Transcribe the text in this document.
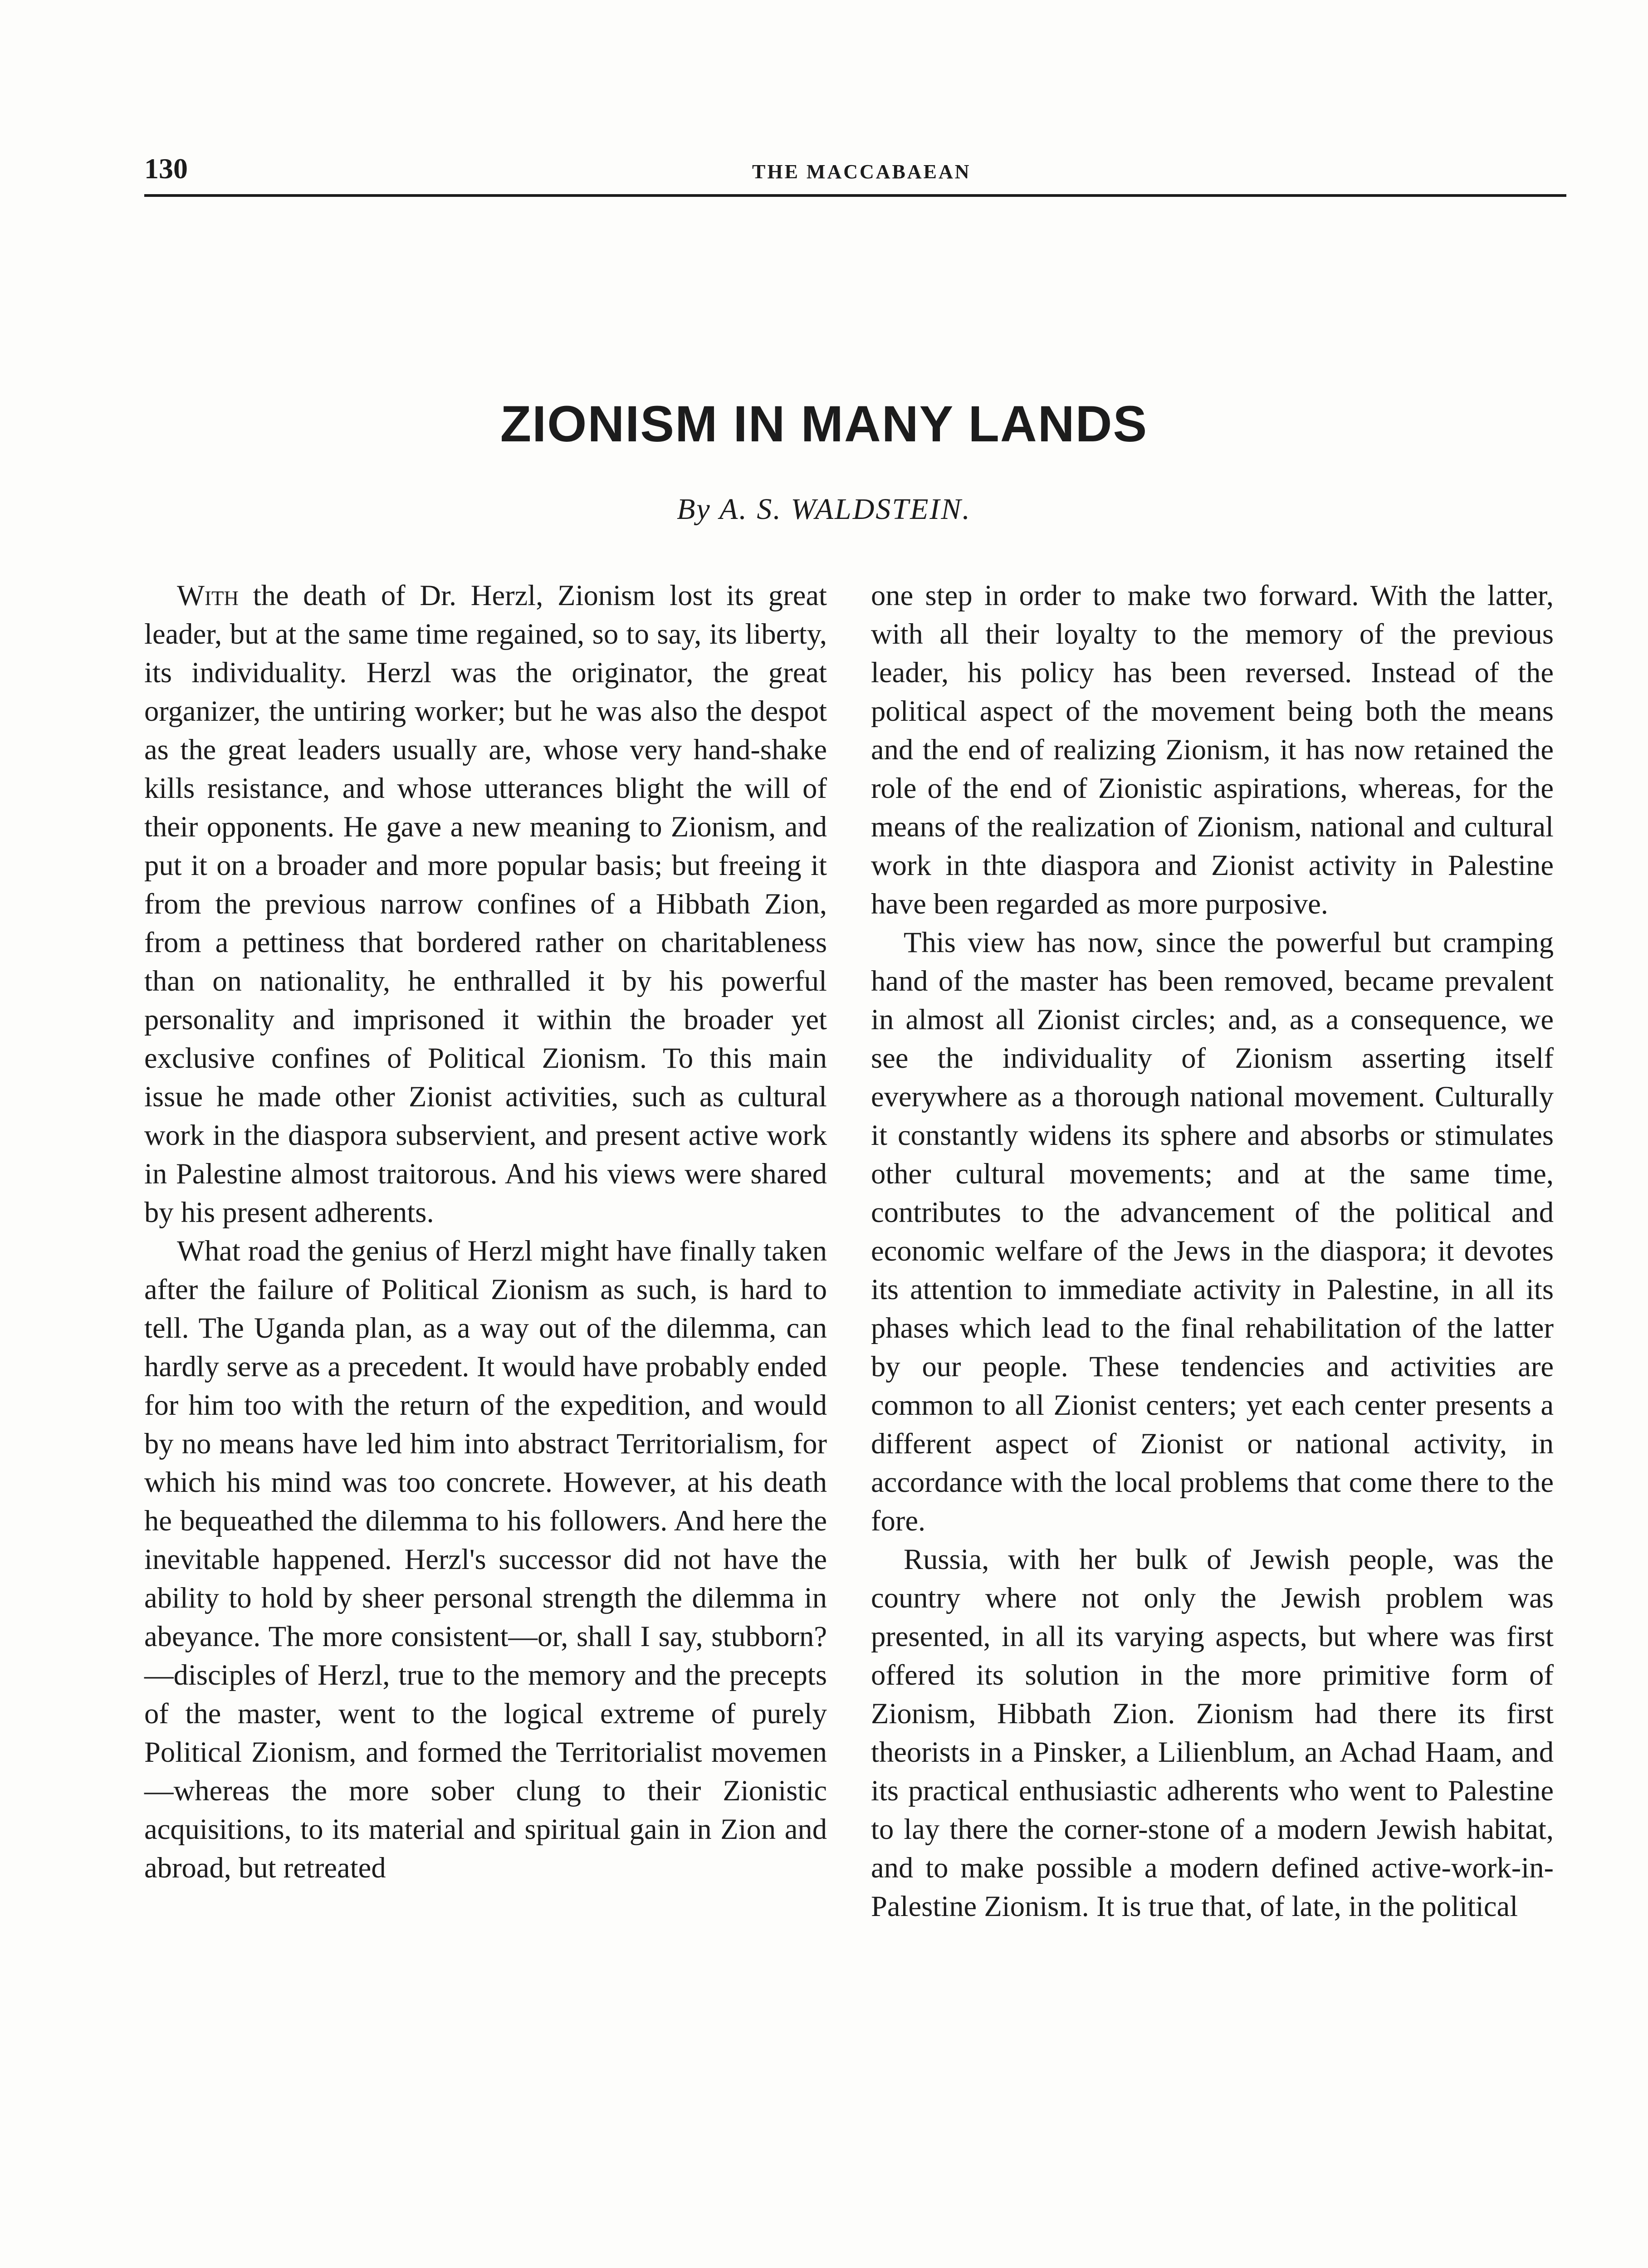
130	THE MACCABAEAN
ZIONISM IN MANY LANDS
By A. S. WALDSTEIN.

With the death of Dr. Herzl, Zionism lost its great leader, but at the same time regained, so to say, its liberty, its individuality. Herzl was the originator, the great organizer, the untiring worker; but he was also the despot as the great leaders usually are, whose very hand-shake kills resistance, and whose utterances blight the will of their opponents. He gave a new meaning to Zionism, and put it on a broader and more popular basis; but freeing it from the previous narrow confines of a Hibbath Zion, from a pettiness that bordered rather on charitableness than on nationality, he enthralled it by his powerful personality and imprisoned it within the broader yet exclusive confines of Political Zionism. To this main issue he made other Zionist activities, such as cultural work in the diaspora subservient, and present active work in Palestine almost traitorous. And his views were shared by his present adherents.

What road the genius of Herzl might have finally taken after the failure of Political Zionism as such, is hard to tell. The Uganda plan, as a way out of the dilemma, can hardly serve as a precedent. It would have probably ended for him too with the return of the expedition, and would by no means have led him into abstract Territorialism, for which his mind was too concrete. However, at his death he bequeathed the dilemma to his followers. And here the inevitable happened. Herzl's successor did not have the ability to hold by sheer personal strength the dilemma in abeyance. The more consistent—or, shall I say, stubborn?—disciples of Herzl, true to the memory and the precepts of the master, went to the logical extreme of purely Political Zionism, and formed the Territorialist movemen—whereas the more sober clung to their Zionistic acquisitions, to its material and spiritual gain in Zion and abroad, but retreated

one step in order to make two forward. With the latter, with all their loyalty to the memory of the previous leader, his policy has been reversed. Instead of the political aspect of the movement being both the means and the end of realizing Zionism, it has now retained the role of the end of Zionistic aspirations, whereas, for the means of the realization of Zionism, national and cultural work in thte diaspora and Zionist activity in Palestine have been regarded as more purposive.

This view has now, since the powerful but cramping hand of the master has been removed, became prevalent in almost all Zionist circles; and, as a consequence, we see the individuality of Zionism asserting itself everywhere as a thorough national movement. Culturally it constantly widens its sphere and absorbs or stimulates other cultural movements; and at the same time, contributes to the advancement of the political and economic welfare of the Jews in the diaspora; it devotes its attention to immediate activity in Palestine, in all its phases which lead to the final rehabilitation of the latter by our people. These tendencies and activities are common to all Zionist centers; yet each center presents a different aspect of Zionist or national activity, in accordance with the local problems that come there to the fore.

Russia, with her bulk of Jewish people, was the country where not only the Jewish problem was presented, in all its varying aspects, but where was first offered its solution in the more primitive form of Zionism, Hibbath Zion. Zionism had there its first theorists in a Pinsker, a Lilienblum, an Achad Haam, and its practical enthusiastic adherents who went to Palestine to lay there the corner-stone of a modern Jewish habitat, and to make possible a modern defined active-work-in-Palestine Zionism. It is true that, of late, in the political
